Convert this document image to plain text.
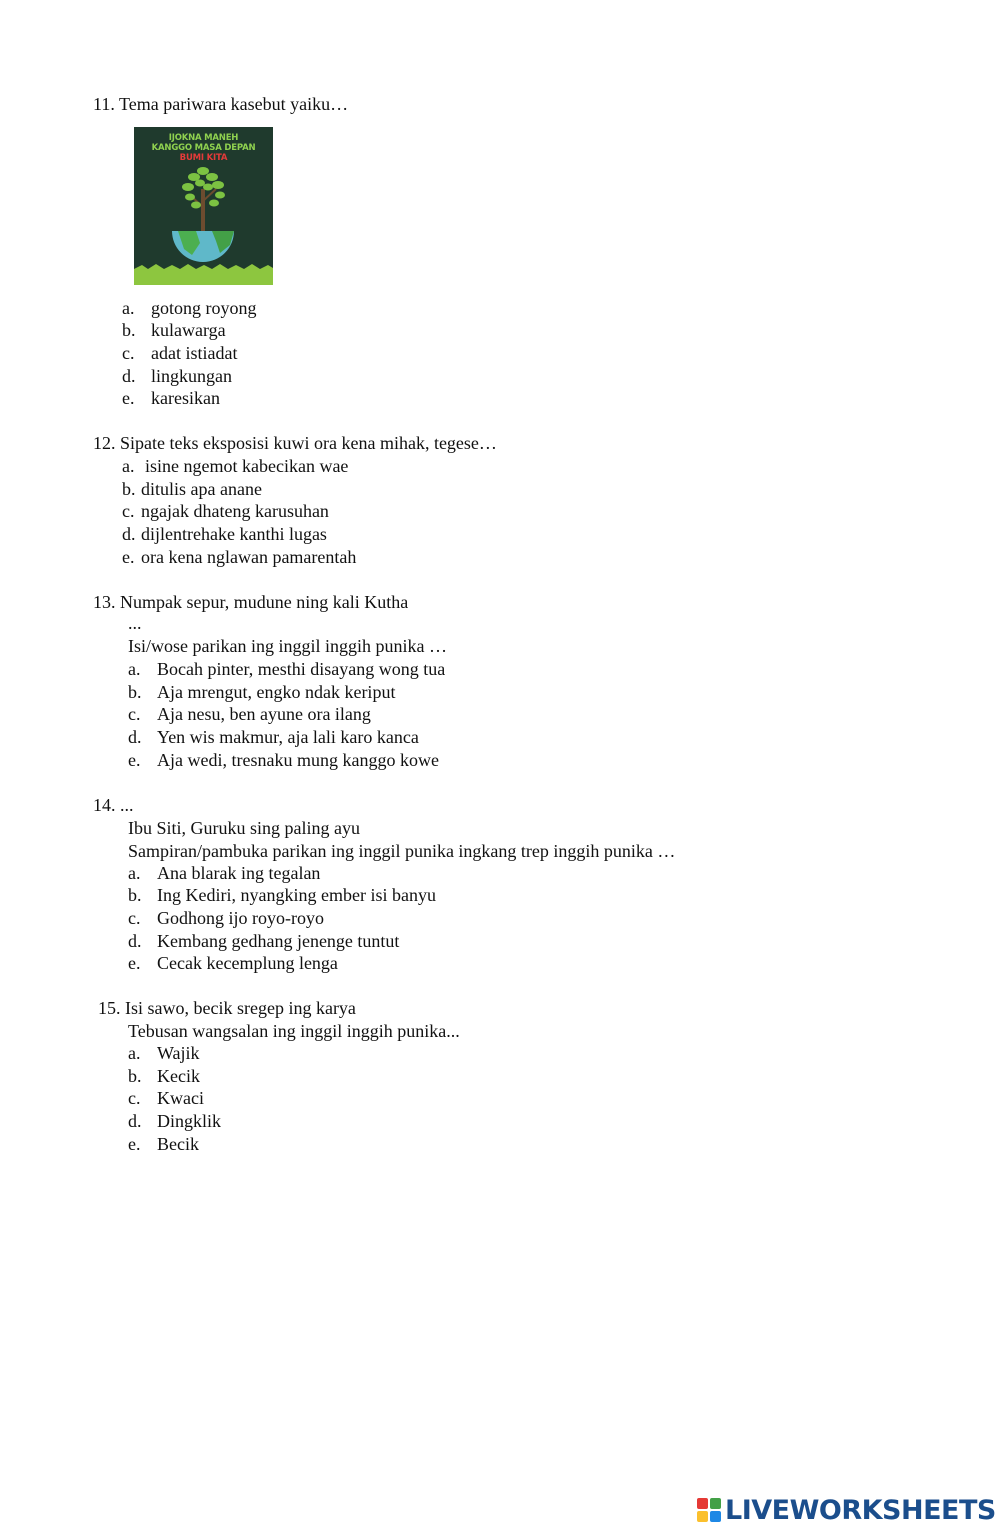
11. Tema pariwara kasebut yaiku…
IJOKNA MANEH
KANGGO MASA DEPAN
BUMI KITA
a. gotong royong
b. kulawarga
c. adat istiadat
d. lingkungan
e. karesikan
12. Sipate teks eksposisi kuwi ora kena mihak, tegese…
a. isine ngemot kabecikan wae
b. ditulis apa anane
c. ngajak dhateng karusuhan
d. dijlentrehake kanthi lugas
e. ora kena nglawan pamarentah
13. Numpak sepur, mudune ning kali Kutha
...
Isi/wose parikan ing inggil inggih punika …
a. Bocah pinter, mesthi disayang wong tua
b. Aja mrengut, engko ndak keriput
c. Aja nesu, ben ayune ora ilang
d. Yen wis makmur, aja lali karo kanca
e. Aja wedi, tresnaku mung kanggo kowe
14. ...
Ibu Siti, Guruku sing paling ayu
Sampiran/pambuka parikan ing inggil punika ingkang trep inggih punika …
a. Ana blarak ing tegalan
b. Ing Kediri, nyangking ember isi banyu
c. Godhong ijo royo-royo
d. Kembang gedhang jenenge tuntut
e. Cecak kecemplung lenga
15. Isi sawo, becik sregep ing karya
Tebusan wangsalan ing inggil inggih punika...
a. Wajik
b. Kecik
c. Kwaci
d. Dingklik
e. Becik
LIVEWORKSHEETS
